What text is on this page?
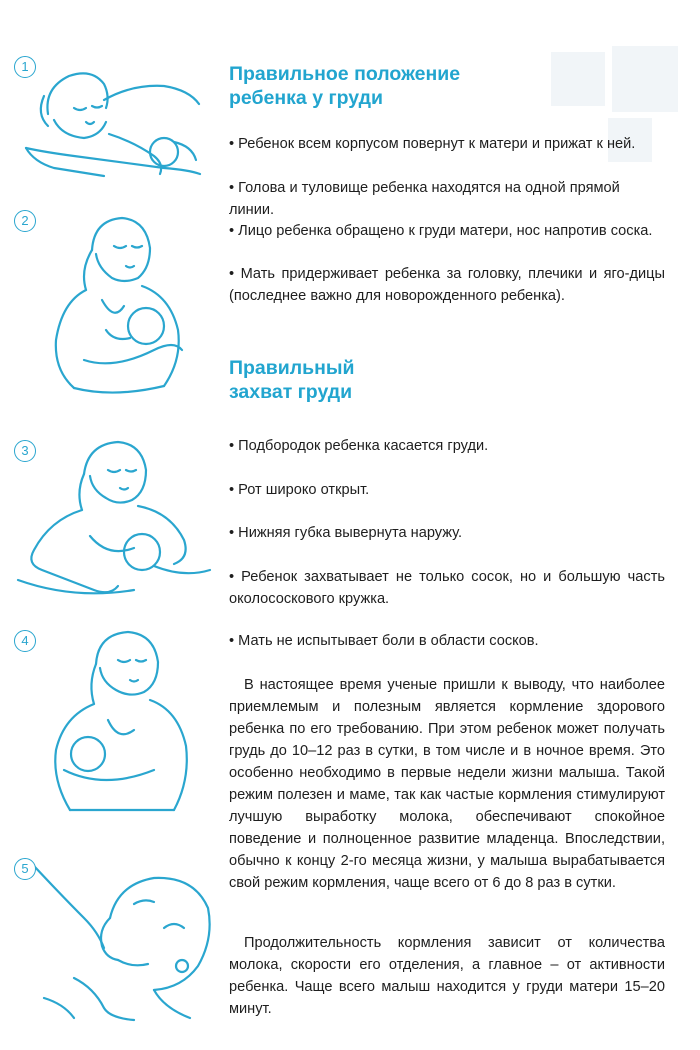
1
2
3
4
5
Правильное положение
ребенка у груди

• Ребенок всем корпусом повернут к матери и прижат к ней.

• Голова и туловище ребенка находятся на одной прямой линии.

• Лицо ребенка обращено к груди матери, нос напротив соска.

• Мать придерживает ребенка за головку, плечики и яго-дицы (последнее важно для новорожденного ребенка).

Правильный
захват груди

• Подбородок ребенка касается груди.

• Рот широко открыт.

• Нижняя губка вывернута наружу.

• Ребенок захватывает не только сосок, но и большую часть околососкового кружка.

• Мать не испытывает боли в области сосков.

В настоящее время ученые пришли к выводу, что наиболее приемлемым и полезным является кормление здорового ребенка по его требованию. При этом ребенок может получать грудь до 10–12 раз в сутки, в том числе и в ночное время. Это особенно необходимо в первые недели жизни малыша. Такой режим полезен и маме, так как частые кормления стимулируют лучшую выработку молока, обеспечивают спокойное поведение и полноценное развитие младенца. Впоследствии, обычно к концу 2-го месяца жизни, у малыша вырабатывается свой режим кормления, чаще всего от 6 до 8 раз в сутки.

Продолжительность кормления зависит от количества молока, скорости его отделения, а главное – от активности ребенка. Чаще всего малыш находится у груди матери 15–20 минут.
